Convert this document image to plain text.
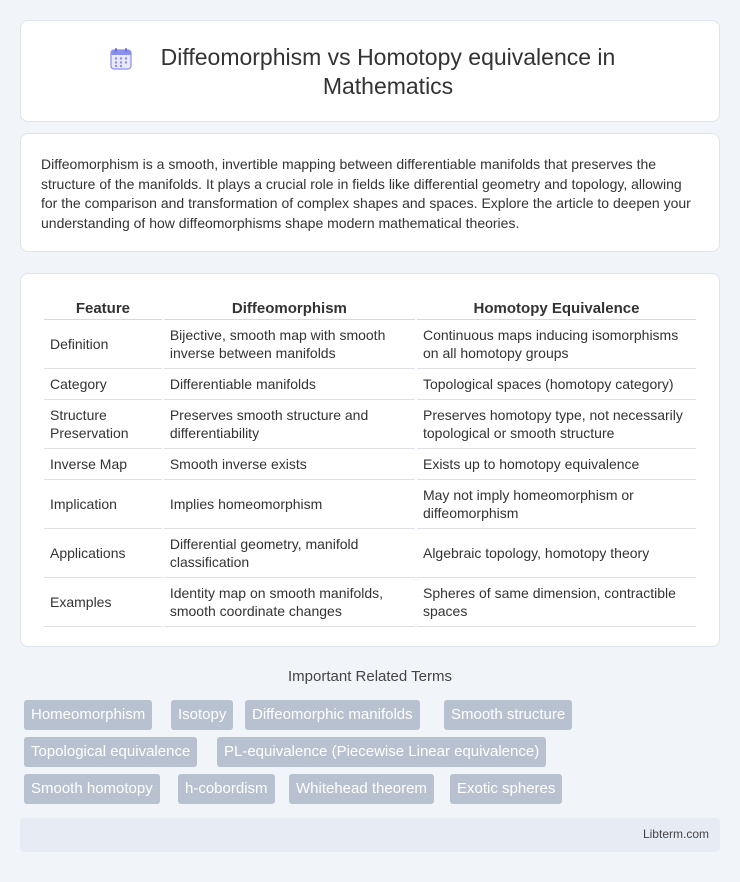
Diffeomorphism vs Homotopy equivalence in Mathematics

Diffeomorphism is a smooth, invertible mapping between differentiable manifolds that preserves the structure of the manifolds. It plays a crucial role in fields like differential geometry and topology, allowing for the comparison and transformation of complex shapes and spaces. Explore the article to deepen your understanding of how diffeomorphisms shape modern mathematical theories.

Feature	Diffeomorphism	Homotopy Equivalence
Definition	Bijective, smooth map with smooth inverse between manifolds	Continuous maps inducing isomorphisms on all homotopy groups
Category	Differentiable manifolds	Topological spaces (homotopy category)
Structure Preservation	Preserves smooth structure and differentiability	Preserves homotopy type, not necessarily topological or smooth structure
Inverse Map	Smooth inverse exists	Exists up to homotopy equivalence
Implication	Implies homeomorphism	May not imply homeomorphism or diffeomorphism
Applications	Differential geometry, manifold classification	Algebraic topology, homotopy theory
Examples	Identity map on smooth manifolds, smooth coordinate changes	Spheres of same dimension, contractible spaces
Important Related Terms
Homeomorphism	Isotopy	Diffeomorphic manifolds	Smooth structure
Topological equivalence	PL-equivalence (Piecewise Linear equivalence)
Smooth homotopy	h-cobordism	Whitehead theorem	Exotic spheres
Libterm.com
